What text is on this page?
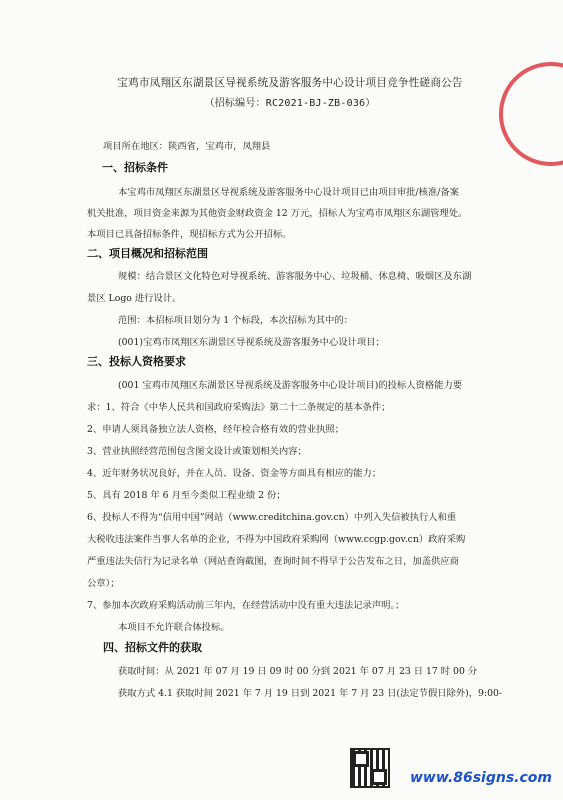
宝鸡市凤翔区东湖景区导视系统及游客服务中心设计项目竞争性磋商公告
（招标编号：RC2021-BJ-ZB-036）
项目所在地区：陕西省，宝鸡市，凤翔县
一、招标条件
本宝鸡市凤翔区东湖景区导视系统及游客服务中心设计项目已由项目审批/核准/备案
机关批准，项目资金来源为其他资金财政资金 12 万元，招标人为宝鸡市凤翔区东湖管理处。
本项目已具备招标条件，现招标方式为公开招标。
二、项目概况和招标范围
规模：结合景区文化特色对导视系统、游客服务中心、垃圾桶、休息椅、吸烟区及东湖
景区 Logo 进行设计。
范围：本招标项目划分为 1 个标段，本次招标为其中的：
(001)宝鸡市凤翔区东湖景区导视系统及游客服务中心设计项目；
三、投标人资格要求
(001 宝鸡市凤翔区东湖景区导视系统及游客服务中心设计项目)的投标人资格能力要
求：1、符合《中华人民共和国政府采购法》第二十二条规定的基本条件；
2、申请人须具备独立法人资格，经年检合格有效的营业执照；
3、营业执照经营范围包含图文设计或策划相关内容；
4、近年财务状况良好，并在人员、设备、资金等方面具有相应的能力；
5、具有 2018 年 6 月至今类似工程业绩 2 份；
6、投标人不得为“信用中国”网站（www.creditchina.gov.cn）中列入失信被执行人和重
大税收违法案件当事人名单的企业，不得为中国政府采购网（www.ccgp.gov.cn）政府采购
严重违法失信行为记录名单（网站查询截图，查询时间不得早于公告发布之日，加盖供应商
公章）；
7、参加本次政府采购活动前三年内，在经营活动中没有重大违法记录声明。；
本项目不允许联合体投标。
四、招标文件的获取
获取时间：从 2021 年 07 月 19 日 09 时 00 分到 2021 年 07 月 23 日 17 时 00 分
获取方式 4.1 获取时间 2021 年 7 月 19 日到 2021 年 7 月 23 日(法定节假日除外)，9:00-
www.86signs.com
